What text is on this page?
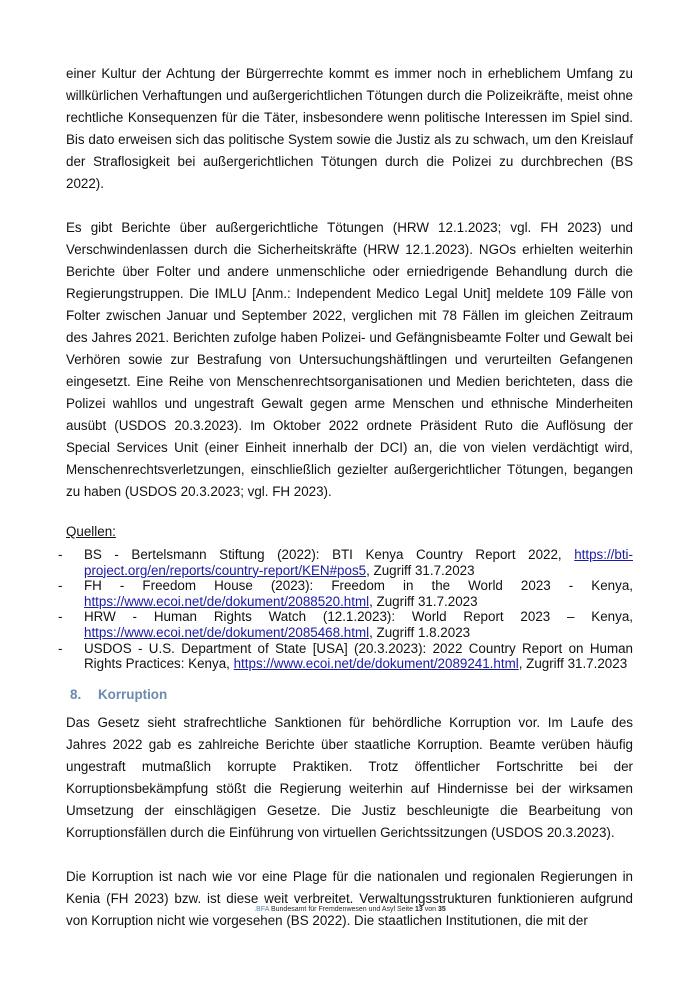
einer Kultur der Achtung der Bürgerrechte kommt es immer noch in erheblichem Umfang zu willkürlichen Verhaftungen und außergerichtlichen Tötungen durch die Polizeikräfte, meist ohne rechtliche Konsequenzen für die Täter, insbesondere wenn politische Interessen im Spiel sind. Bis dato erweisen sich das politische System sowie die Justiz als zu schwach, um den Kreislauf der Straflosigkeit bei außergerichtlichen Tötungen durch die Polizei zu durchbrechen (BS 2022).

Es gibt Berichte über außergerichtliche Tötungen (HRW 12.1.2023; vgl. FH 2023) und Verschwindenlassen durch die Sicherheitskräfte (HRW 12.1.2023). NGOs erhielten weiterhin Berichte über Folter und andere unmenschliche oder erniedrigende Behandlung durch die Regierungstruppen. Die IMLU [Anm.: Independent Medico Legal Unit] meldete 109 Fälle von Folter zwischen Januar und September 2022, verglichen mit 78 Fällen im gleichen Zeitraum des Jahres 2021. Berichten zufolge haben Polizei- und Gefängnisbeamte Folter und Gewalt bei Verhören sowie zur Bestrafung von Untersuchungshäftlingen und verurteilten Gefangenen eingesetzt. Eine Reihe von Menschenrechtsorganisationen und Medien berichteten, dass die Polizei wahllos und ungestraft Gewalt gegen arme Menschen und ethnische Minderheiten ausübt (USDOS 20.3.2023). Im Oktober 2022 ordnete Präsident Ruto die Auflösung der Special Services Unit (einer Einheit innerhalb der DCI) an, die von vielen verdächtigt wird, Menschenrechtsverletzungen, einschließlich gezielter außergerichtlicher Tötungen, begangen zu haben (USDOS 20.3.2023; vgl. FH 2023).

Quellen:
- BS - Bertelsmann Stiftung (2022): BTI Kenya Country Report 2022, https://bti-project.org/en/reports/country-report/KEN#pos5, Zugriff 31.7.2023
- FH - Freedom House (2023): Freedom in the World 2023 - Kenya, https://www.ecoi.net/de/dokument/2088520.html, Zugriff 31.7.2023
- HRW - Human Rights Watch (12.1.2023): World Report 2023 – Kenya, https://www.ecoi.net/de/dokument/2085468.html, Zugriff 1.8.2023
- USDOS - U.S. Department of State [USA] (20.3.2023): 2022 Country Report on Human Rights Practices: Kenya, https://www.ecoi.net/de/dokument/2089241.html, Zugriff 31.7.2023
8. Korruption

Das Gesetz sieht strafrechtliche Sanktionen für behördliche Korruption vor. Im Laufe des Jahres 2022 gab es zahlreiche Berichte über staatliche Korruption. Beamte verüben häufig ungestraft mutmaßlich korrupte Praktiken. Trotz öffentlicher Fortschritte bei der Korruptionsbekämpfung stößt die Regierung weiterhin auf Hindernisse bei der wirksamen Umsetzung der einschlägigen Gesetze. Die Justiz beschleunigte die Bearbeitung von Korruptionsfällen durch die Einführung von virtuellen Gerichtssitzungen (USDOS 20.3.2023).

Die Korruption ist nach wie vor eine Plage für die nationalen und regionalen Regierungen in Kenia (FH 2023) bzw. ist diese weit verbreitet. Verwaltungsstrukturen funktionieren aufgrund von Korruption nicht wie vorgesehen (BS 2022). Die staatlichen Institutionen, die mit der

.BFA Bundesamt für Fremdenwesen und Asyl Seite 13 von 35
